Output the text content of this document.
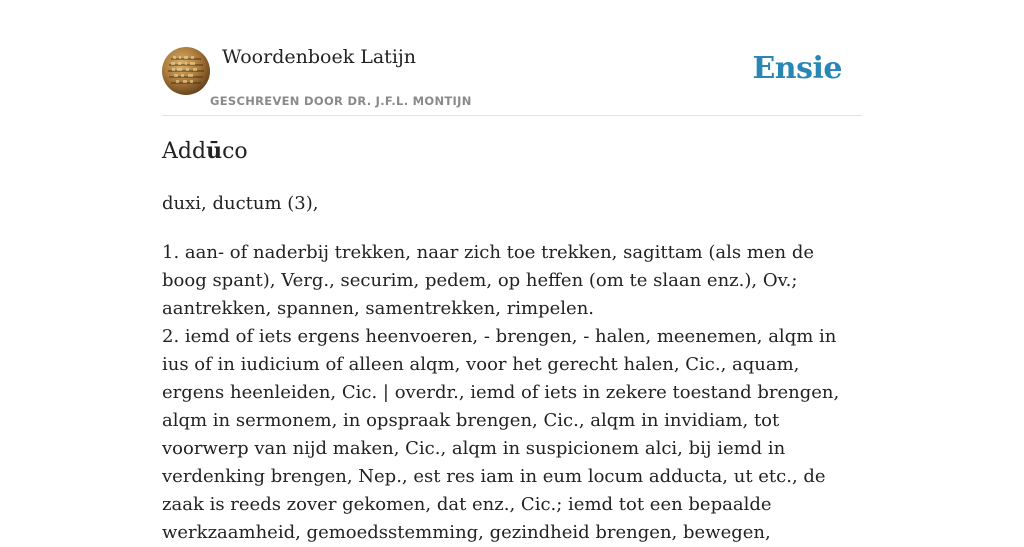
Woordenboek Latijn
GESCHREVEN DOOR DR. J.F.L. MONTIJN
Ensie
Addūco

duxi, ductum (3),

1. aan- of naderbij trekken, naar zich toe trekken, sagittam (als men de boog spant), Verg., securim, pedem, op heffen (om te slaan enz.), Ov.; aantrekken, spannen, samentrekken, rimpelen.
2. iemd of iets ergens heenvoeren, - brengen, - halen, meenemen, alqm in ius of in iudicium of alleen alqm, voor het gerecht halen, Cic., aquam, ergens heenleiden, Cic. | overdr., iemd of iets in zekere toestand brengen, alqm in sermonem, in opspraak brengen, Cic., alqm in invidiam, tot voorwerp van nijd maken, Cic., alqm in suspicionem alci, bij iemd in verdenking brengen, Nep., est res iam in eum locum adducta, ut etc., de zaak is reeds zover gekomen, dat enz., Cic.; iemd tot een bepaalde werkzaamheid, gemoedsstemming, gezindheid brengen, bewegen,
